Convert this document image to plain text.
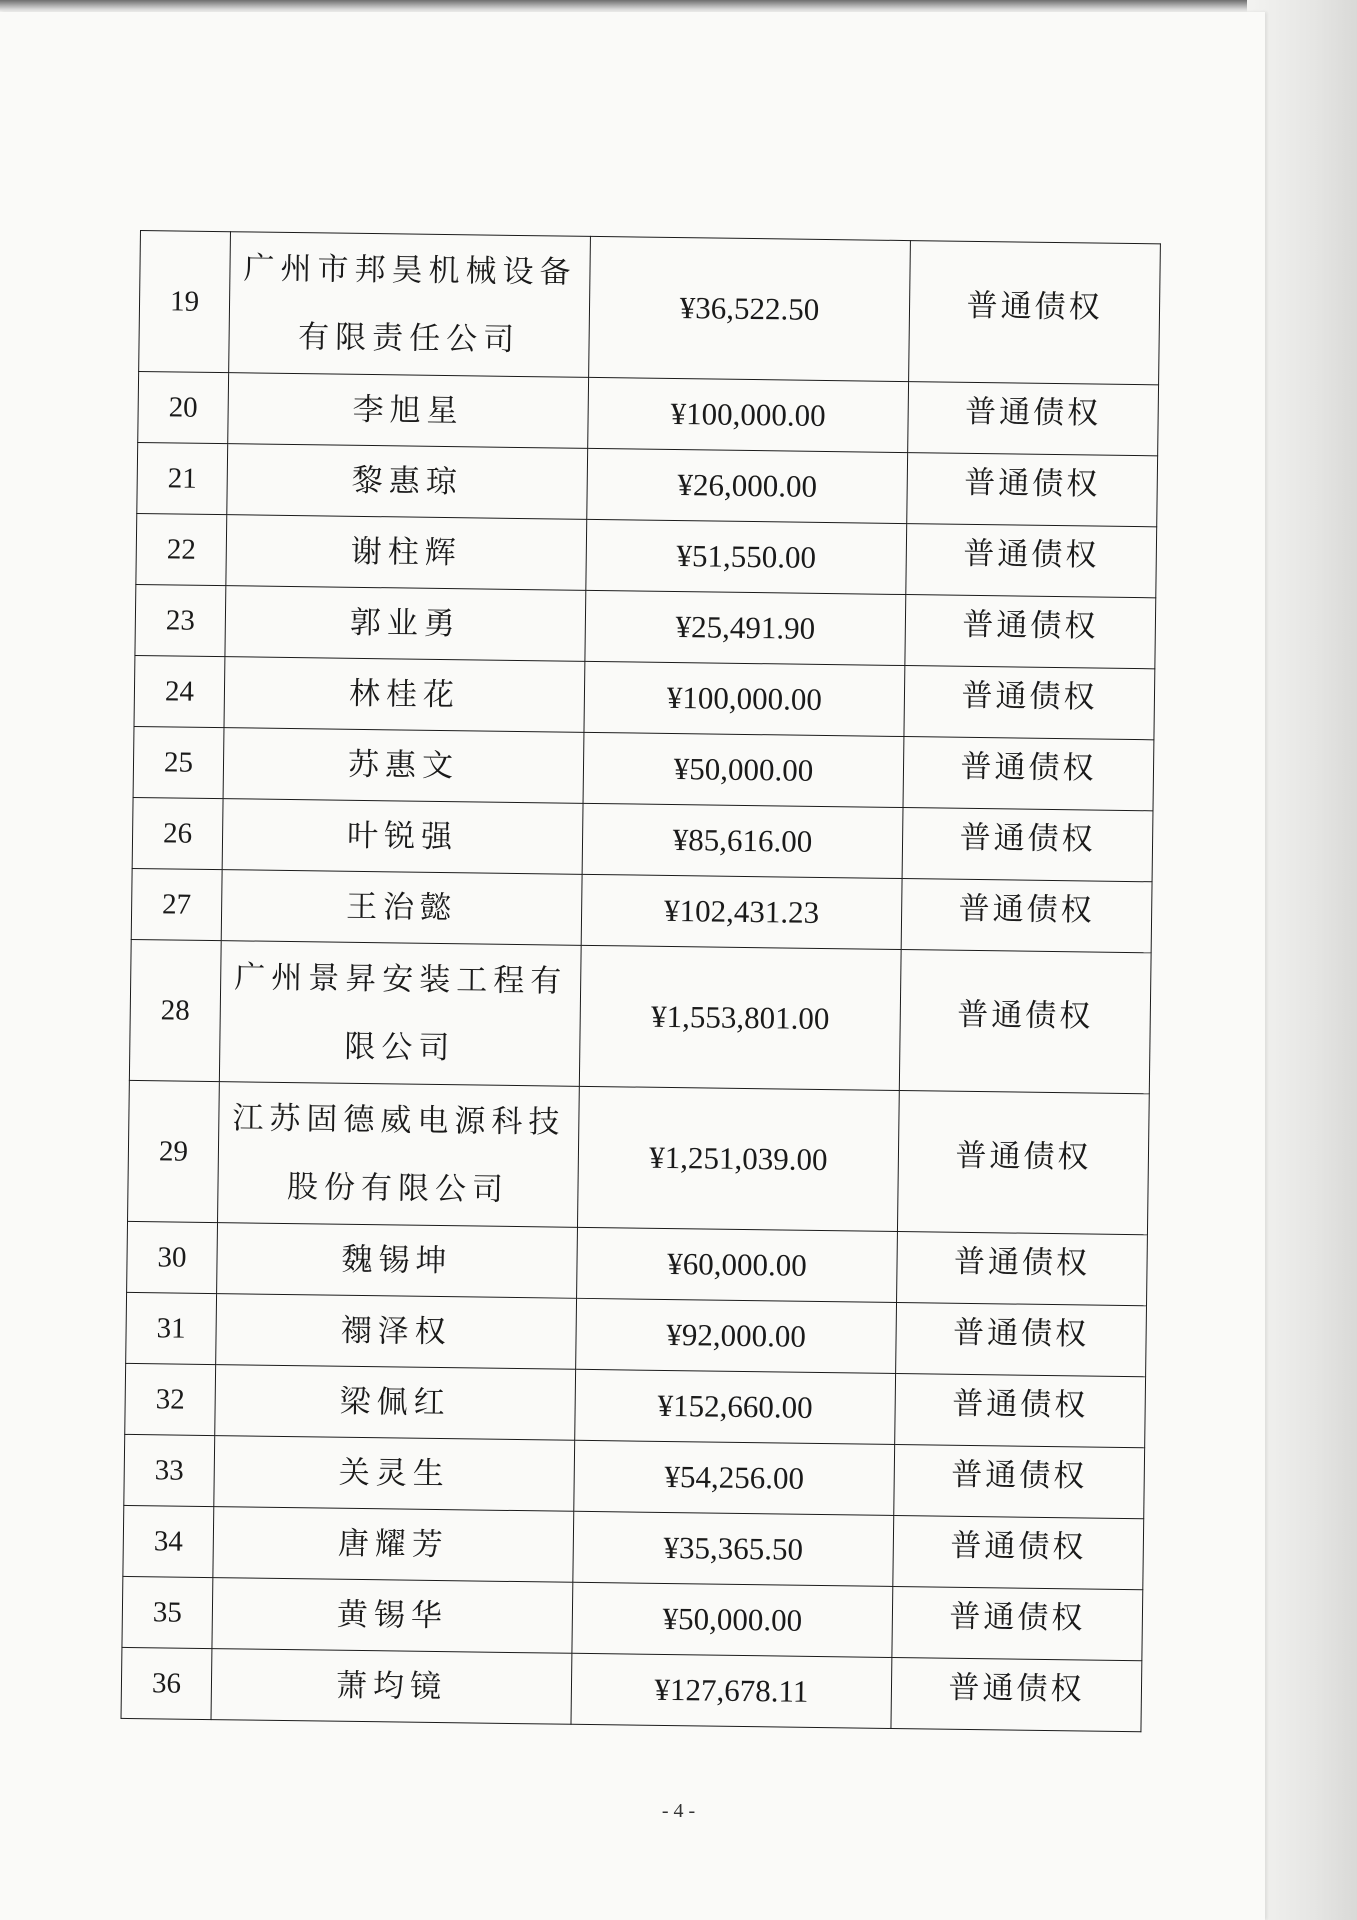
19	广州市邦昊机械设备有限责任公司	¥36,522.50	普通债权
20	李旭星	¥100,000.00	普通债权
21	黎惠琼	¥26,000.00	普通债权
22	谢柱辉	¥51,550.00	普通债权
23	郭业勇	¥25,491.90	普通债权
24	林桂花	¥100,000.00	普通债权
25	苏惠文	¥50,000.00	普通债权
26	叶锐强	¥85,616.00	普通债权
27	王治懿	¥102,431.23	普通债权
28	广州景昇安装工程有限公司	¥1,553,801.00	普通债权
29	江苏固德威电源科技股份有限公司	¥1,251,039.00	普通债权
30	魏锡坤	¥60,000.00	普通债权
31	禤泽权	¥92,000.00	普通债权
32	梁佩红	¥152,660.00	普通债权
33	关灵生	¥54,256.00	普通债权
34	唐耀芳	¥35,365.50	普通债权
35	黄锡华	¥50,000.00	普通债权
36	萧均镜	¥127,678.11	普通债权
- 4 -
